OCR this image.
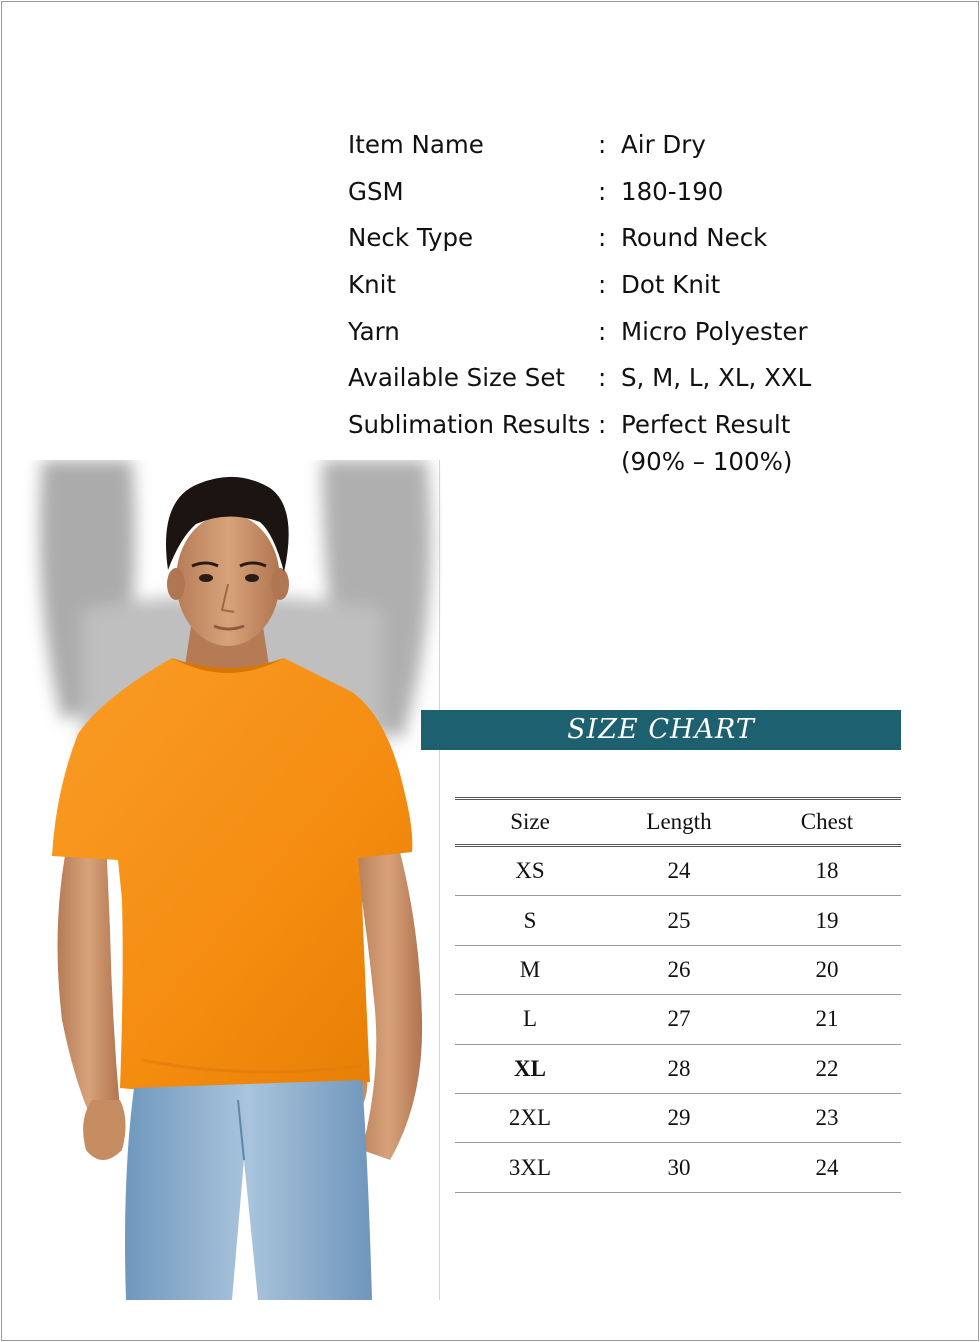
Item Name	: Air Dry
GSM	: 180-190
Neck Type	: Round Neck
Knit	: Dot Knit
Yarn	: Micro Polyester
Available Size Set : S, M, L, XL, XXL
Sublimation Results : Perfect Result (90% – 100%)
SIZE CHART
Size	Length	Chest
XS	24	18
S	25	19
M	26	20
L	27	21
XL	28	22
2XL	29	23
3XL	30	24
